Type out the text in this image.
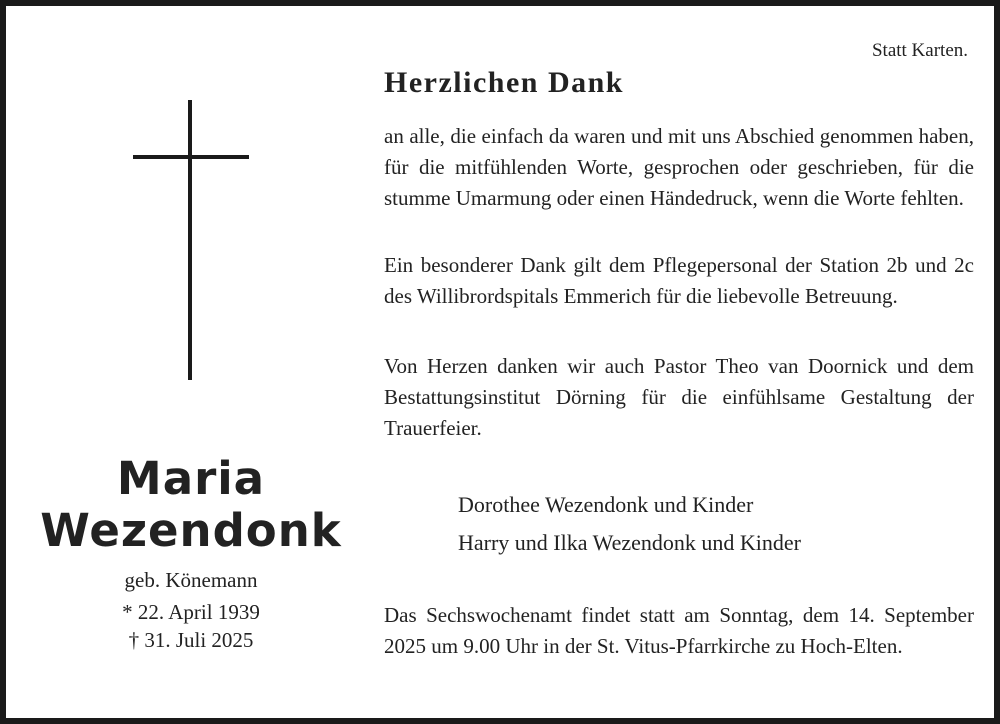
Maria
Wezendonk
geb. Könemann
* 22. April 1939
† 31. Juli 2025
Statt Karten.
Herzlichen Dank

an alle, die einfach da waren und mit uns Abschied genommen haben, für die mitfühlenden Worte, gesprochen oder geschrieben, für die stumme Umarmung oder einen Händedruck, wenn die Worte fehlten.

Ein besonderer Dank gilt dem Pflegepersonal der Station 2b und 2c des Willibrordspitals Emmerich für die liebevolle Betreuung.

Von Herzen danken wir auch Pastor Theo van Doornick und dem Bestattungsinstitut Dörning für die einfühlsame Gestaltung der Trauerfeier.

Dorothee Wezendonk und Kinder
Harry und Ilka Wezendonk und Kinder

Das Sechswochenamt findet statt am Sonntag, dem 14. September 2025 um 9.00 Uhr in der St. Vitus-Pfarrkirche zu Hoch-Elten.
